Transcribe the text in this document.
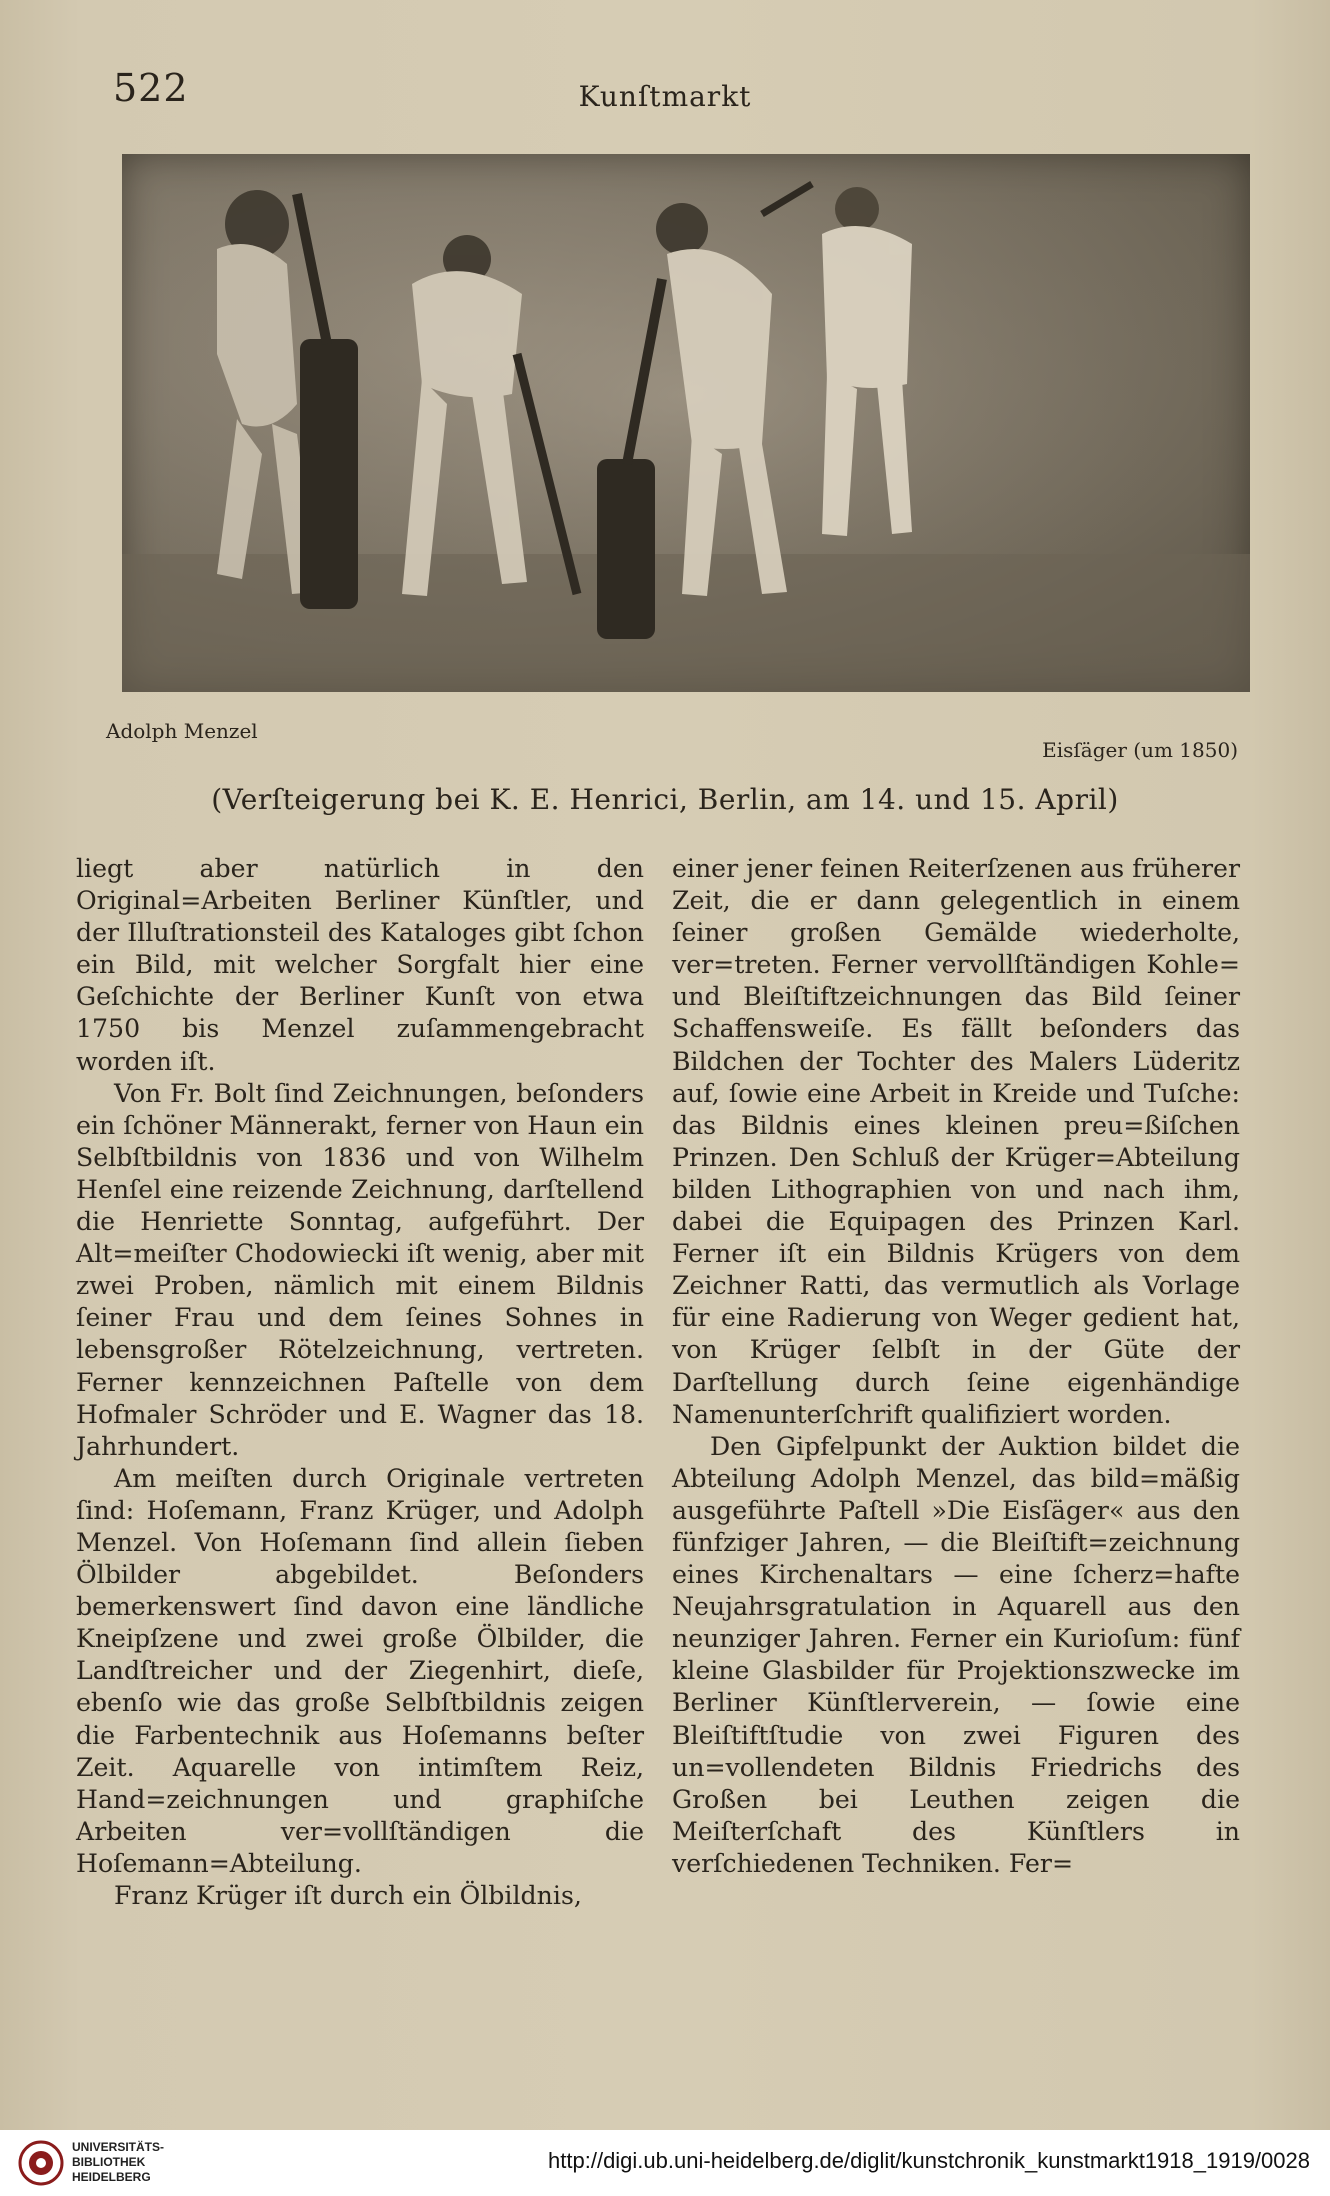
522	Kunſtmarkt
Adolph Menzel
Eisſäger (um 1850)
(Verſteigerung bei K. E. Henrici, Berlin, am 14. und 15. April)

liegt aber natürlich in den Original=Arbeiten Berliner Künſtler, und der Illuſtrationsteil des Kataloges gibt ſchon ein Bild, mit welcher Sorgfalt hier eine Geſchichte der Berliner Kunſt von etwa 1750 bis Menzel zuſammengebracht worden iſt.

Von Fr. Bolt ſind Zeichnungen, beſonders ein ſchöner Männerakt, ferner von Haun ein Selbſtbildnis von 1836 und von Wilhelm Henſel eine reizende Zeichnung, darſtellend die Henriette Sonntag, aufgeführt. Der Alt=meiſter Chodowiecki iſt wenig, aber mit zwei Proben, nämlich mit einem Bildnis ſeiner Frau und dem ſeines Sohnes in lebensgroßer Rötelzeichnung, vertreten. Ferner kennzeichnen Paſtelle von dem Hofmaler Schröder und E. Wagner das 18. Jahrhundert.

Am meiſten durch Originale vertreten ſind: Hoſemann, Franz Krüger, und Adolph Menzel. Von Hoſemann ſind allein ſieben Ölbilder abgebildet. Beſonders bemerkenswert ſind davon eine ländliche Kneipſzene und zwei große Ölbilder, die Landſtreicher und der Ziegenhirt, dieſe, ebenſo wie das große Selbſtbildnis zeigen die Farbentechnik aus Hoſemanns beſter Zeit. Aquarelle von intimſtem Reiz, Hand=zeichnungen und graphiſche Arbeiten ver=vollſtändigen die Hoſemann=Abteilung.

Franz Krüger iſt durch ein Ölbildnis,

einer jener feinen Reiterſzenen aus früherer Zeit, die er dann gelegentlich in einem ſeiner großen Gemälde wiederholte, ver=treten. Ferner vervollſtändigen Kohle= und Bleiſtiftzeichnungen das Bild ſeiner Schaffensweiſe. Es fällt beſonders das Bildchen der Tochter des Malers Lüderitz auf, ſowie eine Arbeit in Kreide und Tuſche: das Bildnis eines kleinen preu=ßiſchen Prinzen. Den Schluß der Krüger=Abteilung bilden Lithographien von und nach ihm, dabei die Equipagen des Prinzen Karl. Ferner iſt ein Bildnis Krügers von dem Zeichner Ratti, das vermutlich als Vorlage für eine Radierung von Weger gedient hat, von Krüger ſelbſt in der Güte der Darſtellung durch ſeine eigenhändige Namenunterſchrift qualifiziert worden.

Den Gipfelpunkt der Auktion bildet die Abteilung Adolph Menzel, das bild=mäßig ausgeführte Paſtell »Die Eisſäger« aus den fünfziger Jahren, — die Bleiſtift=zeichnung eines Kirchenaltars — eine ſcherz=hafte Neujahrsgratulation in Aquarell aus den neunziger Jahren. Ferner ein Kurioſum: fünf kleine Glasbilder für Projektionszwecke im Berliner Künſtlerverein, — ſowie eine Bleiſtiftſtudie von zwei Figuren des un=vollendeten Bildnis Friedrichs des Großen bei Leuthen zeigen die Meiſterſchaft des Künſtlers in verſchiedenen Techniken. Fer=

UNIVERSITÄTS-
BIBLIOTHEK
HEIDELBERG
http://digi.ub.uni-heidelberg.de/diglit/kunstchronik_kunstmarkt1918_1919/0028
